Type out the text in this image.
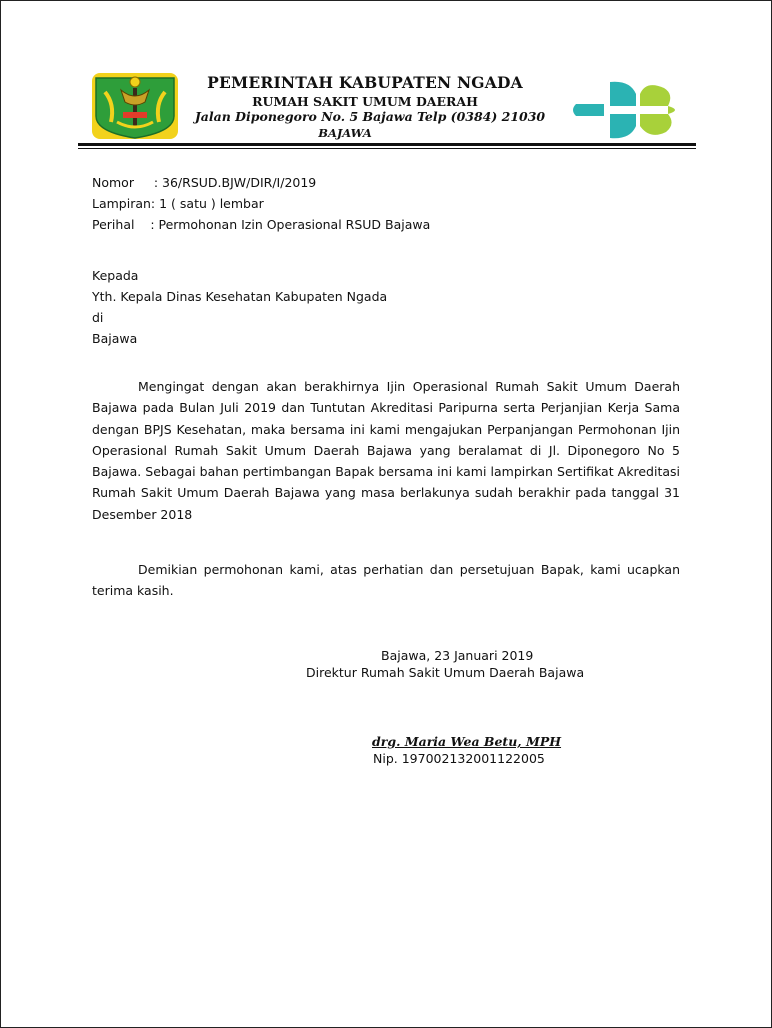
PEMERINTAH KABUPATEN NGADA
RUMAH SAKIT UMUM DAERAH
Jalan Diponegoro No. 5 Bajawa Telp (0384) 21030
BAJAWA
Nomor     : 36/RSUD.BJW/DIR/I/2019
Lampiran: 1 ( satu ) lembar
Perihal    : Permohonan Izin Operasional RSUD Bajawa
Kepada
Yth. Kepala Dinas Kesehatan Kabupaten Ngada
di
Bajawa
Mengingat dengan akan berakhirnya Ijin Operasional Rumah Sakit Umum Daerah Bajawa pada Bulan Juli 2019 dan Tuntutan Akreditasi Paripurna serta Perjanjian Kerja Sama dengan BPJS Kesehatan, maka bersama ini kami mengajukan Perpanjangan Permohonan Ijin Operasional Rumah Sakit Umum Daerah Bajawa yang beralamat di Jl. Diponegoro No 5 Bajawa. Sebagai bahan pertimbangan Bapak bersama ini kami lampirkan Sertifikat Akreditasi Rumah Sakit Umum Daerah Bajawa yang masa berlakunya sudah berakhir pada tanggal 31 Desember 2018
Demikian permohonan kami, atas perhatian dan persetujuan Bapak, kami ucapkan terima kasih.
Bajawa, 23 Januari 2019
Direktur Rumah Sakit Umum Daerah Bajawa
drg. Maria Wea Betu, MPH
Nip. 197002132001122005
